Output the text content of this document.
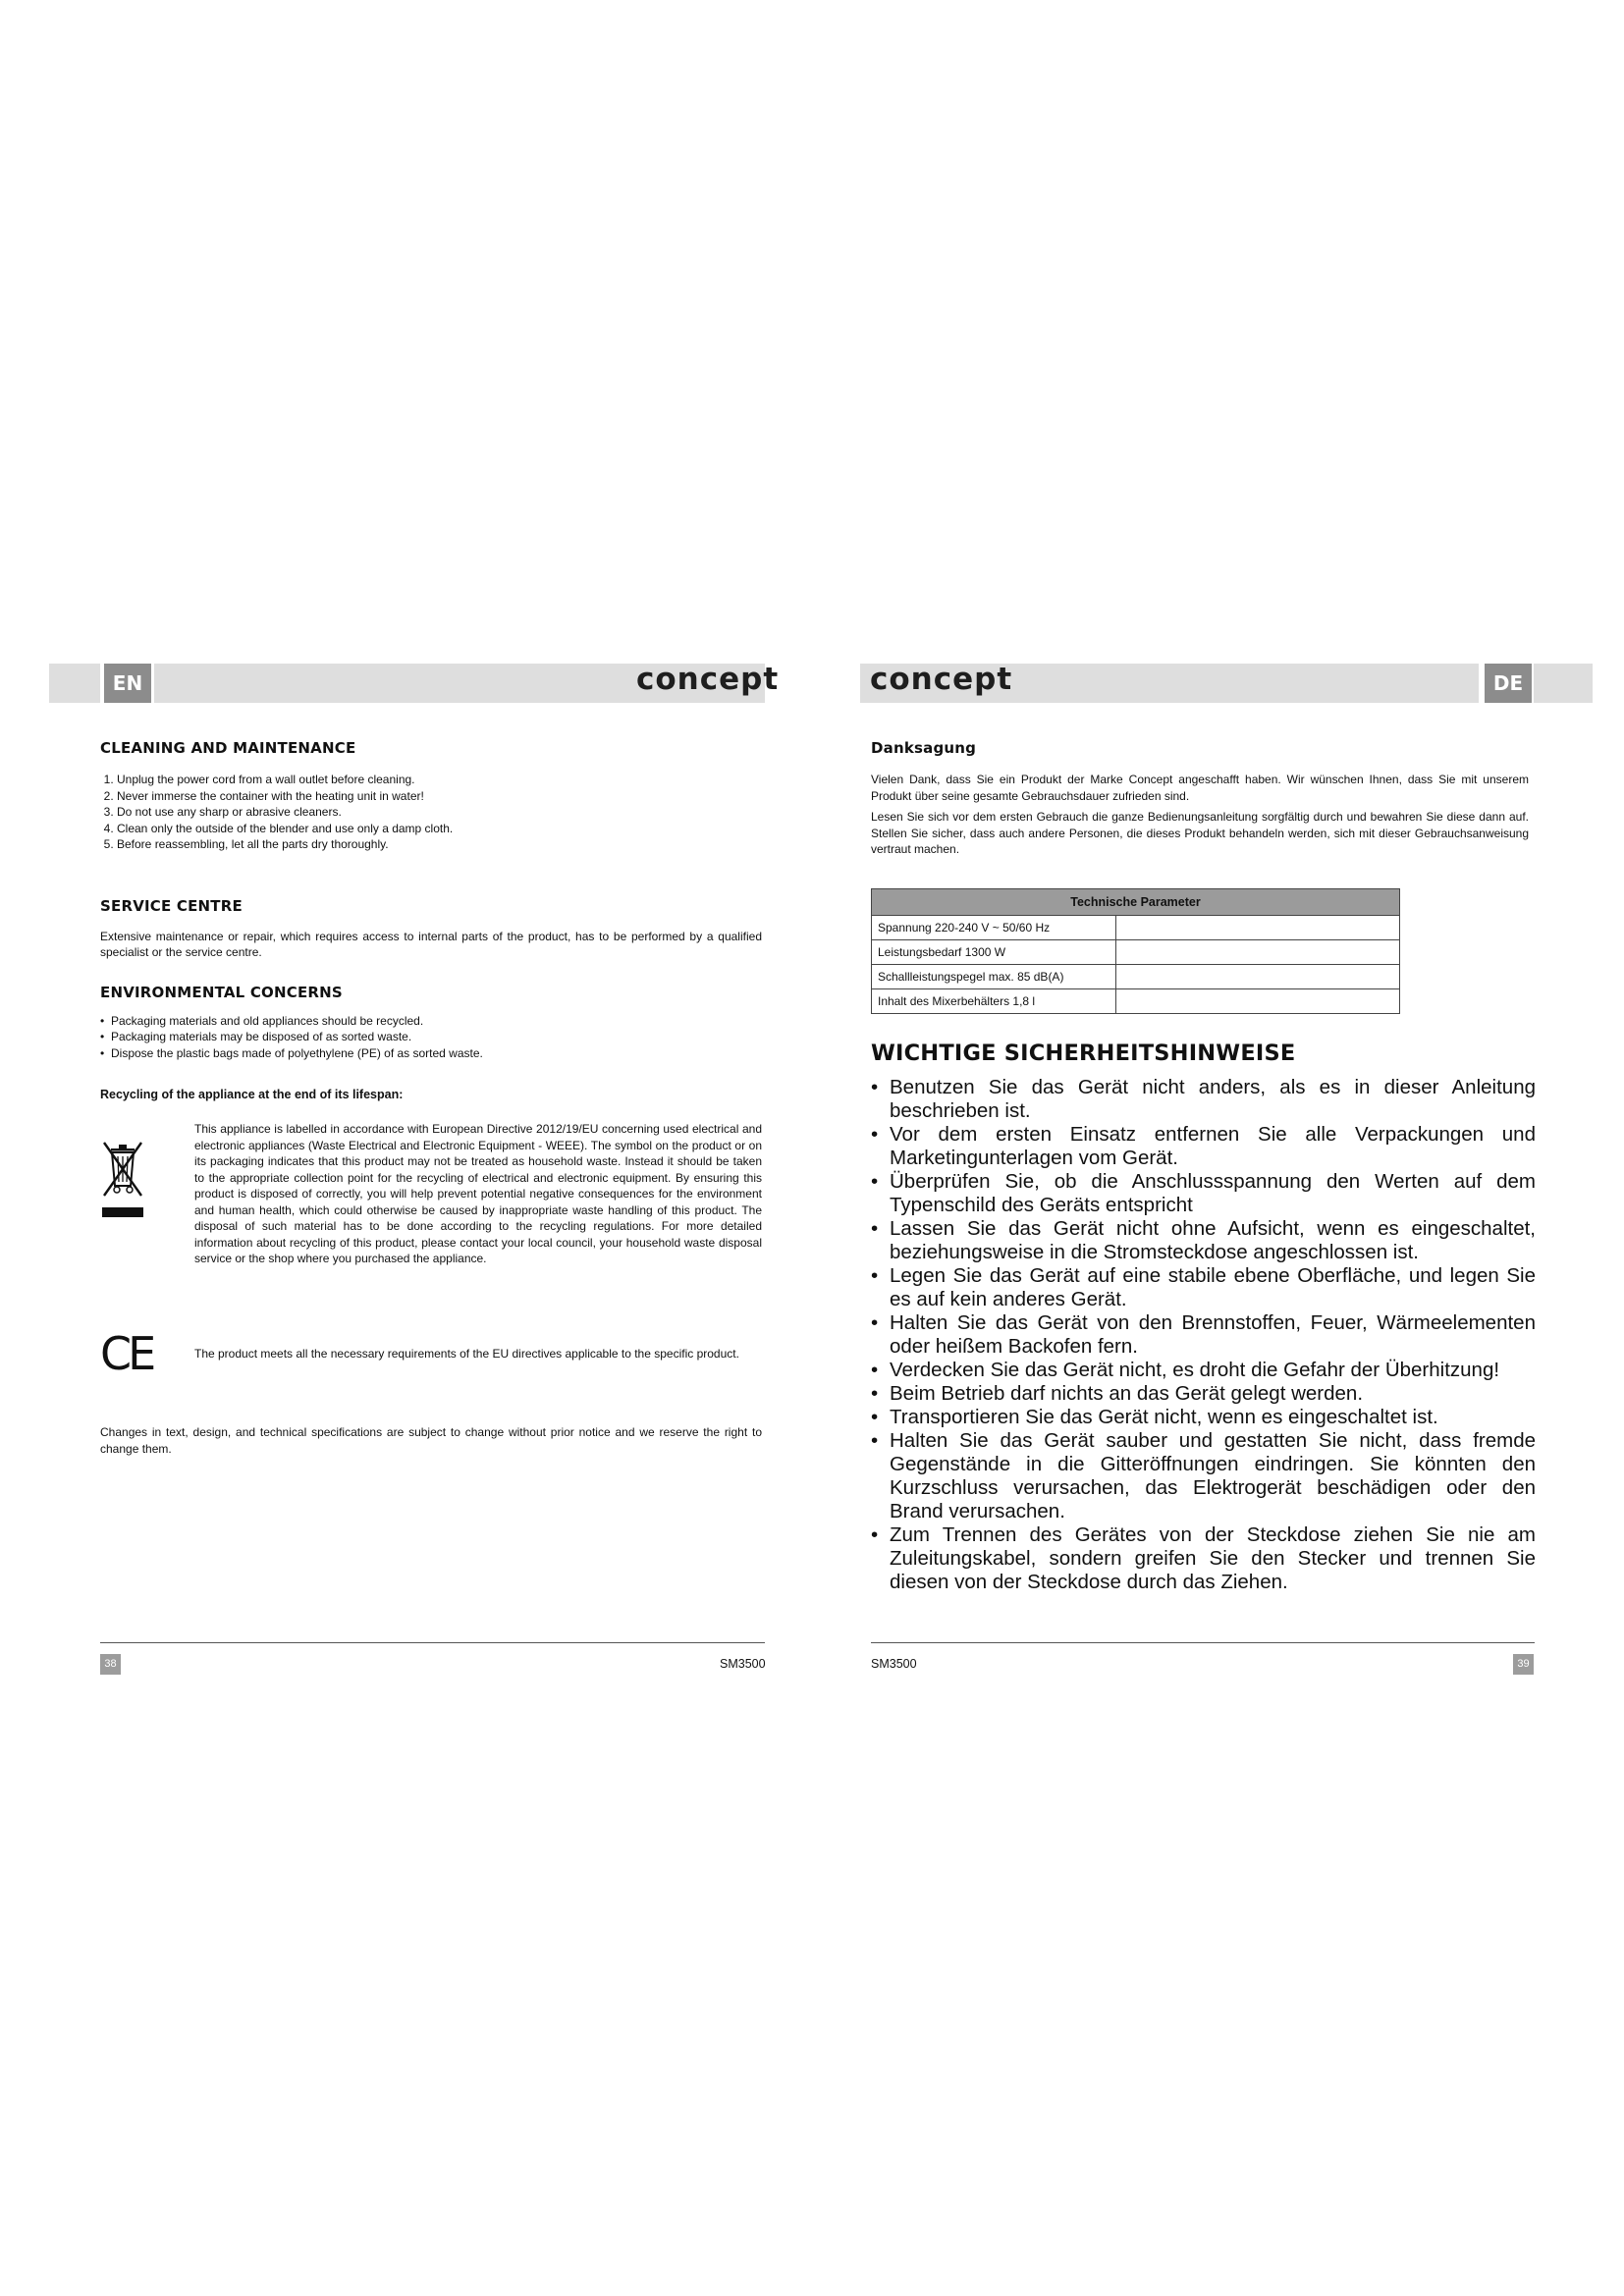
EN	concept	DE
concept
CLEANING AND MAINTENANCE
1. Unplug the power cord from a wall outlet before cleaning.
2. Never immerse the container with the heating unit in water!
3. Do not use any sharp or abrasive cleaners.
4. Clean only the outside of the blender and use only a damp cloth.
5. Before reassembling, let all the parts dry thoroughly.
SERVICE CENTRE

Extensive maintenance or repair, which requires access to internal parts of the product, has to be performed by a qualified specialist or the service centre.

ENVIRONMENTAL CONCERNS
• Packaging materials and old appliances should be recycled.
• Packaging materials may be disposed of as sorted waste.
• Dispose the plastic bags made of polyethylene (PE) of as sorted waste.
Recycling of the appliance at the end of its lifespan:

This appliance is labelled in accordance with European Directive 2012/19/EU concerning used electrical and electronic appliances (Waste Electrical and Electronic Equipment - WEEE). The symbol on the product or on its packaging indicates that this product may not be treated as household waste. Instead it should be taken to the appropriate collection point for the recycling of electrical and electronic equipment. By ensuring this product is disposed of correctly, you will help prevent potential negative consequences for the environment and human health, which could otherwise be caused by inappropriate waste handling of this product. The disposal of such material has to be done according to the recycling regulations. For more detailed information about recycling of this product, please contact your local council, your household waste disposal service or the shop where you purchased the appliance.

CE	The product meets all the necessary requirements of the EU directives applicable to the specific product.

Changes in text, design, and technical specifications are subject to change without prior notice and we reserve the right to change them.

38	SM3500
Danksagung

Vielen Dank, dass Sie ein Produkt der Marke Concept angeschafft haben. Wir wünschen Ihnen, dass Sie mit unserem Produkt über seine gesamte Gebrauchsdauer zufrieden sind.

Lesen Sie sich vor dem ersten Gebrauch die ganze Bedienungsanleitung sorgfältig durch und bewahren Sie diese dann auf. Stellen Sie sicher, dass auch andere Personen, die dieses Produkt behandeln werden, sich mit dieser Gebrauchsanweisung vertraut machen.

Technische Parameter	
Spannung 220-240 V ~ 50/60 Hz	
Leistungsbedarf 1300 W	
Schallleistungspegel max. 85 dB(A)	
Inhalt des Mixerbehälters 1,8 l	
WICHTIGE SICHERHEITSHINWEISE
• Benutzen Sie das Gerät nicht anders, als es in dieser Anleitung beschrieben ist.
• Vor dem ersten Einsatz entfernen Sie alle Verpackungen und Marketingunterlagen vom Gerät.
• Überprüfen Sie, ob die Anschlussspannung den Werten auf dem Typenschild des Geräts entspricht
• Lassen Sie das Gerät nicht ohne Aufsicht, wenn es eingeschaltet, beziehungsweise in die Stromsteckdose angeschlossen ist.
• Legen Sie das Gerät auf eine stabile ebene Oberfläche, und legen Sie es auf kein anderes Gerät.
• Halten Sie das Gerät von den Brennstoffen, Feuer, Wärmeelementen oder heißem Backofen fern.
• Verdecken Sie das Gerät nicht, es droht die Gefahr der Überhitzung!
• Beim Betrieb darf nichts an das Gerät gelegt werden.
• Transportieren Sie das Gerät nicht, wenn es eingeschaltet ist.
• Halten Sie das Gerät sauber und gestatten Sie nicht, dass fremde Gegenstände in die Gitteröffnungen eindringen. Sie könnten den Kurzschluss verursachen, das Elektrogerät beschädigen oder den Brand verursachen.
• Zum Trennen des Gerätes von der Steckdose ziehen Sie nie am Zuleitungskabel, sondern greifen Sie den Stecker und trennen Sie diesen von der Steckdose durch das Ziehen.
SM3500	39
